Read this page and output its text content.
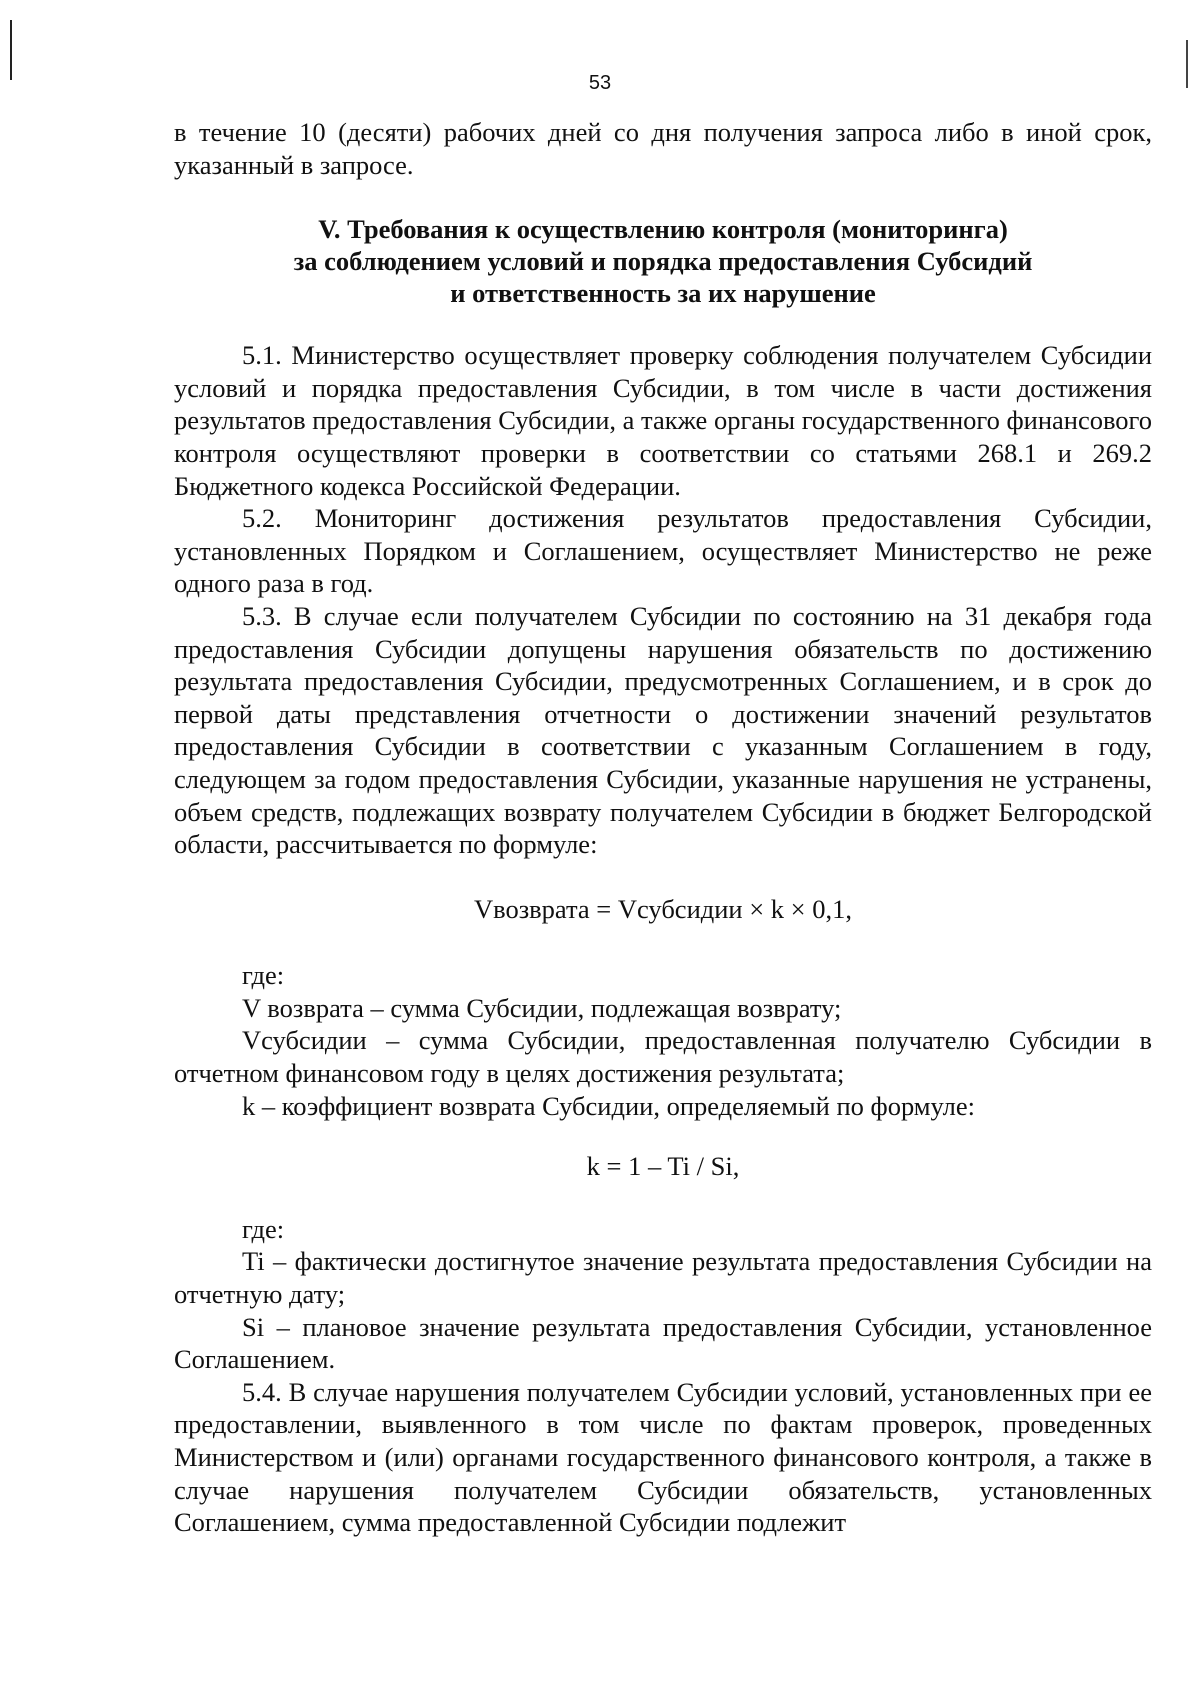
53

в течение 10 (десяти) рабочих дней со дня получения запроса либо в иной срок, указанный в запросе.

V. Требования к осуществлению контроля (мониторинга)
за соблюдением условий и порядка предоставления Субсидий
и ответственность за их нарушение

5.1. Министерство осуществляет проверку соблюдения получателем Субсидии условий и порядка предоставления Субсидии, в том числе в части достижения результатов предоставления Субсидии, а также органы государственного финансового контроля осуществляют проверки в соответствии со статьями 268.1 и 269.2 Бюджетного кодекса Российской Федерации.

5.2. Мониторинг достижения результатов предоставления Субсидии, установленных Порядком и Соглашением, осуществляет Министерство не реже одного раза в год.

5.3. В случае если получателем Субсидии по состоянию на 31 декабря года предоставления Субсидии допущены нарушения обязательств по достижению результата предоставления Субсидии, предусмотренных Соглашением, и в срок до первой даты представления отчетности о достижении значений результатов предоставления Субсидии в соответствии с указанным Соглашением в году, следующем за годом предоставления Субсидии, указанные нарушения не устранены, объем средств, подлежащих возврату получателем Субсидии в бюджет Белгородской области, рассчитывается по формуле:

Vвозврата = Vсубсидии × k × 0,1,

где:

V возврата – сумма Субсидии, подлежащая возврату;

Vсубсидии – сумма Субсидии, предоставленная получателю Субсидии в отчетном финансовом году в целях достижения результата;

k – коэффициент возврата Субсидии, определяемый по формуле:

k = 1 – Ti / Si,

где:

Ti – фактически достигнутое значение результата предоставления Субсидии на отчетную дату;

Si – плановое значение результата предоставления Субсидии, установленное Соглашением.

5.4. В случае нарушения получателем Субсидии условий, установленных при ее предоставлении, выявленного в том числе по фактам проверок, проведенных Министерством и (или) органами государственного финансового контроля, а также в случае нарушения получателем Субсидии обязательств, установленных Соглашением, сумма предоставленной Субсидии подлежит
